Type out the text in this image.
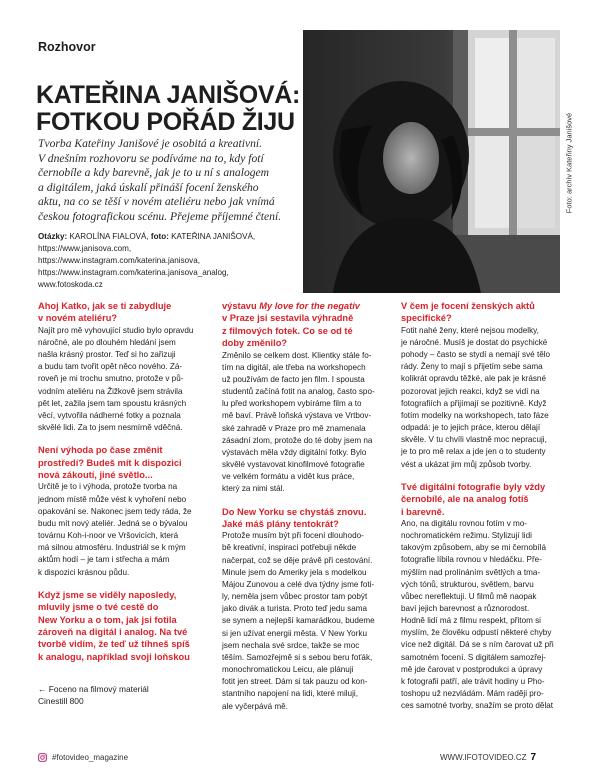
Rozhovor
KATEŘINA JANIŠOVÁ:
FOTKOU POŘÁD ŽIJU
Tvorba Kateřiny Janišové je osobitá a kreativní.
V dnešním rozhovoru se podíváme na to, kdy fotí
černobíle a kdy barevně, jak je to u ní s analogem
a digitálem, jaká úskalí přináší focení ženského
aktu, na co se těší v novém ateliéru nebo jak vnímá
českou fotografickou scénu. Přejeme příjemné čtení.
Otázky: KAROLÍNA FIALOVÁ, foto: KATEŘINA JANIŠOVÁ,
https://www.janisova.com,
https://www.instagram.com/katerina.janisova,
https://www.instagram.com/katerina.janisova_analog,
www.fotoskoda.cz
Foto: archiv Kateřiny Janišové
Ahoj Katko, jak se ti zabydluje
v novém ateliéru?
Najít pro mě vyhovující studio bylo opravdu
náročné, ale po dlouhém hledání jsem
našla krásný prostor. Teď si ho zařizuji
a budu tam tvořit opět něco nového. Zá-
roveň je mi trochu smutno, protože v pů-
vodním ateliéru na Žižkově jsem strávila
pět let, zažila jsem tam spoustu krásných
věcí, vytvořila nádherné fotky a poznala
skvělé lidi. Za to jsem nesmírně vděčná.
Není výhoda po čase změnit
prostředí? Budeš mít k dispozici
nová zákoutí, jiné světlo...
Určitě je to i výhoda, protože tvorba na
jednom místě může vést k vyhoření nebo
opakování se. Nakonec jsem tedy ráda, že
budu mít nový ateliér. Jedná se o bývalou
továrnu Koh-i-noor ve Vršovicích, která
má silnou atmosféru. Industriál se k mým
aktům hodí – je tam i střecha a mám
k dispozici krásnou půdu.
Když jsme se viděly naposledy,
mluvily jsme o tvé cestě do
New Yorku a o tom, jak jsi fotila
zároveň na digitál i analog. Na tvé
tvorbě vidím, že teď už tíhneš spíš
k analogu, například svoji loňskou
← Foceno na filmový materiál
Cinestill 800
výstavu My love for the negativ
v Praze jsi sestavila výhradně
z filmových fotek. Co se od té
doby změnilo?
Změnilo se celkem dost. Klientky stále fo-
tím na digitál, ale třeba na workshopech
už používám de facto jen film. I spousta
studentů začíná fotit na analog, často spo-
lu před workshopem vybíráme film a to
mě baví. Právě loňská výstava ve Vrtbov-
ské zahradě v Praze pro mě znamenala
zásadní zlom, protože do té doby jsem na
výstavách měla vždy digitální fotky. Bylo
skvělé vystavovat kinofilmové fotografie
ve velkém formátu a vidět kus práce,
který za nimi stál.
Do New Yorku se chystáš znovu.
Jaké máš plány tentokrát?
Protože musím být při focení dlouhodo-
bě kreativní, inspiraci potřebuji někde
načerpat, což se děje právě při cestování.
Minule jsem do Ameriky jela s modelkou
Májou Zunovou a celé dva týdny jsme foti-
ly, neměla jsem vůbec prostor tam pobýt
jako divák a turista. Proto teď jedu sama
se synem a nejlepší kamarádkou, budeme
si jen užívat energii města. V New Yorku
jsem nechala své srdce, takže se moc
těším. Samozřejmě si s sebou beru foťák,
monochromatickou Leicu, ale plánuji
fotit jen street. Dám si tak pauzu od kon-
stantního napojení na lidi, které miluji,
ale vyčerpává mě.
V čem je focení ženských aktů
specifické?
Fotit nahé ženy, které nejsou modelky,
je náročné. Musíš je dostat do psychické
pohody – často se stydí a nemají své tělo
rády. Ženy to mají s přijetím sebe sama
kolikrát opravdu těžké, ale pak je krásné
pozorovat jejich reakci, když se vidí na
fotografiích a přijímají se pozitivně. Když
fotím modelky na workshopech, tato fáze
odpadá: je to jejich práce, kterou dělají
skvěle. V tu chvíli vlastně moc nepracuji,
je to pro mě relax a jde jen o to studenty
vést a ukázat jim můj způsob tvorby.
Tvé digitální fotografie byly vždy
černobílé, ale na analog fotíš
i barevně.
Ano, na digitálu rovnou fotím v mo-
nochromatickém režimu. Stylizují lidi
takovým způsobem, aby se mi černobílá
fotografie líbila rovnou v hledáčku. Pře-
mýšlím nad prolínáním světlých a tma-
vých tónů, strukturou, světlem, barvu
vůbec nereflektuji. U filmů mě naopak
baví jejich barevnost a různorodost.
Hodně lidí má z filmu respekt, přitom si
myslím, že člověku odpustí některé chyby
více než digitál. Dá se s ním čarovat už při
samotném focení. S digitálem samozřej-
mě jde čarovat v postprodukci a úpravy
k fotografii patří, ale trávit hodiny u Pho-
toshopu už nezvládám. Mám raději pro-
ces samotné tvorby, snažím se proto dělat
#fotovideo_magazine	WWW.IFOTOVIDEO.CZ 7
